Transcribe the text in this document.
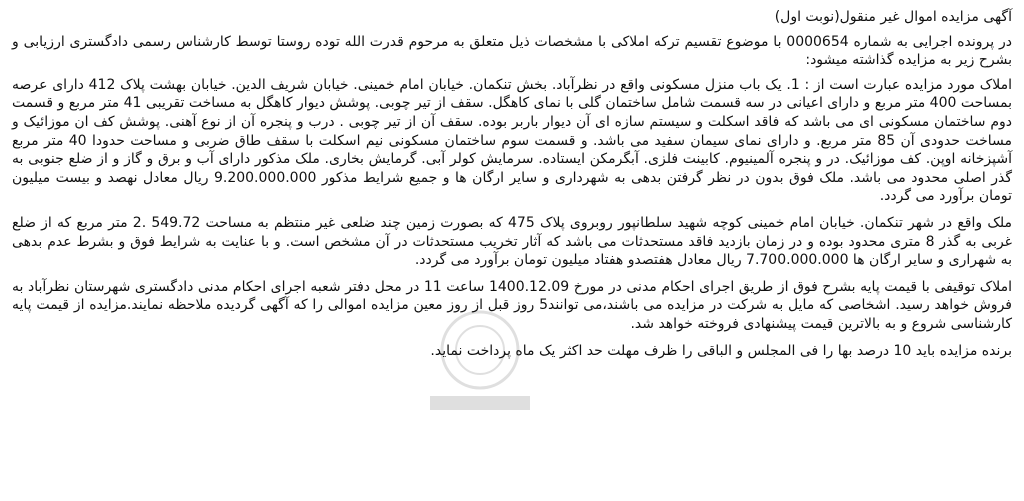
آگهی مزایده اموال غیر منقول(نوبت اول)

در پرونده اجرایی به شماره 0000654 با موضوع تقسیم ترکه املاکی با مشخصات ذیل متعلق به مرحوم قدرت الله توده روستا توسط کارشناس رسمی دادگستری ارزیابی و بشرح زیر به مزایده گذاشته میشود:

املاک مورد مزایده عبارت است از : 1. یک باب منزل مسکونی واقع در نظرآباد. بخش تنکمان. خیابان امام خمینی. خیابان شریف الدین. خیابان بهشت پلاک 412 دارای عرصه بمساحت 400 متر مربع و دارای اعیانی در سه قسمت شامل ساختمان گلی با نمای کاهگل. سقف از تیر چوبی. پوشش دیوار کاهگل به مساخت تقریبی 41 متر مربع و قسمت دوم ساختمان مسکونی ای می باشد که فاقد اسکلت و سیستم سازه ای آن دیوار باربر بوده. سقف آن از تیر چوبی . درب و پنجره آن از نوع آهنی. پوشش کف ان موزائیک و مساخت حدودی آن 85 متر مربع. و دارای نمای سیمان سفید می باشد. و قسمت سوم ساختمان مسکونی نیم اسکلت با سقف طاق ضربی و مساحت حدودا 40 متر مربع آشپزخانه اوپن. کف موزائیک. در و پنجره آلمینیوم. کابینت فلزی. آبگرمکن ایستاده. سرمایش کولر آبی. گرمایش بخاری. ملک مذکور دارای آب و برق و گاز و از ضلع جنوبی به گذر اصلی محدود می باشد. ملک فوق بدون در نظر گرفتن بدهی به شهرداری و سایر ارگان ها و جمیع شرایط مذکور 9.200.000.000 ریال معادل نهصد و بیست میلیون تومان برآورد می گردد.

ملک واقع در شهر تنکمان. خیابان امام خمینی کوچه شهید سلطانپور روبروی پلاک 475 که بصورت زمین چند ضلعی غیر منتظم به مساحت 549.72 .2 متر مربع که از ضلع غربی به گذر 8 متری محدود بوده و در زمان بازدید فاقد مستحدثات می باشد که آثار تخریب مستحدثات در آن مشخص است. و با عنایت به شرایط فوق و بشرط عدم بدهی به شهراری و سایر ارگان ها 7.700.000.000 ریال معادل هفتصدو هفتاد میلیون تومان برآورد می گردد.

املاک توقیفی با قیمت پایه بشرح فوق از طریق اجرای احکام مدنی در مورخ 1400.12.09 ساعت 11 در محل دفتر شعبه اجرای احکام مدنی دادگستری شهرستان نظرآباد به فروش خواهد رسید. اشخاصی که مایل به شرکت در مزایده می باشند،می توانند5 روز قبل از روز معین مزایده اموالی را که آگهی گردیده ملاحظه نمایند.مزایده از قیمت پایه کارشناسی شروع و به بالاترین قیمت پیشنهادی فروخته خواهد شد.

برنده مزایده باید 10 درصد بها را فی المجلس و الباقی را ظرف مهلت حد اکثر یک ماه پرداخت نماید.
